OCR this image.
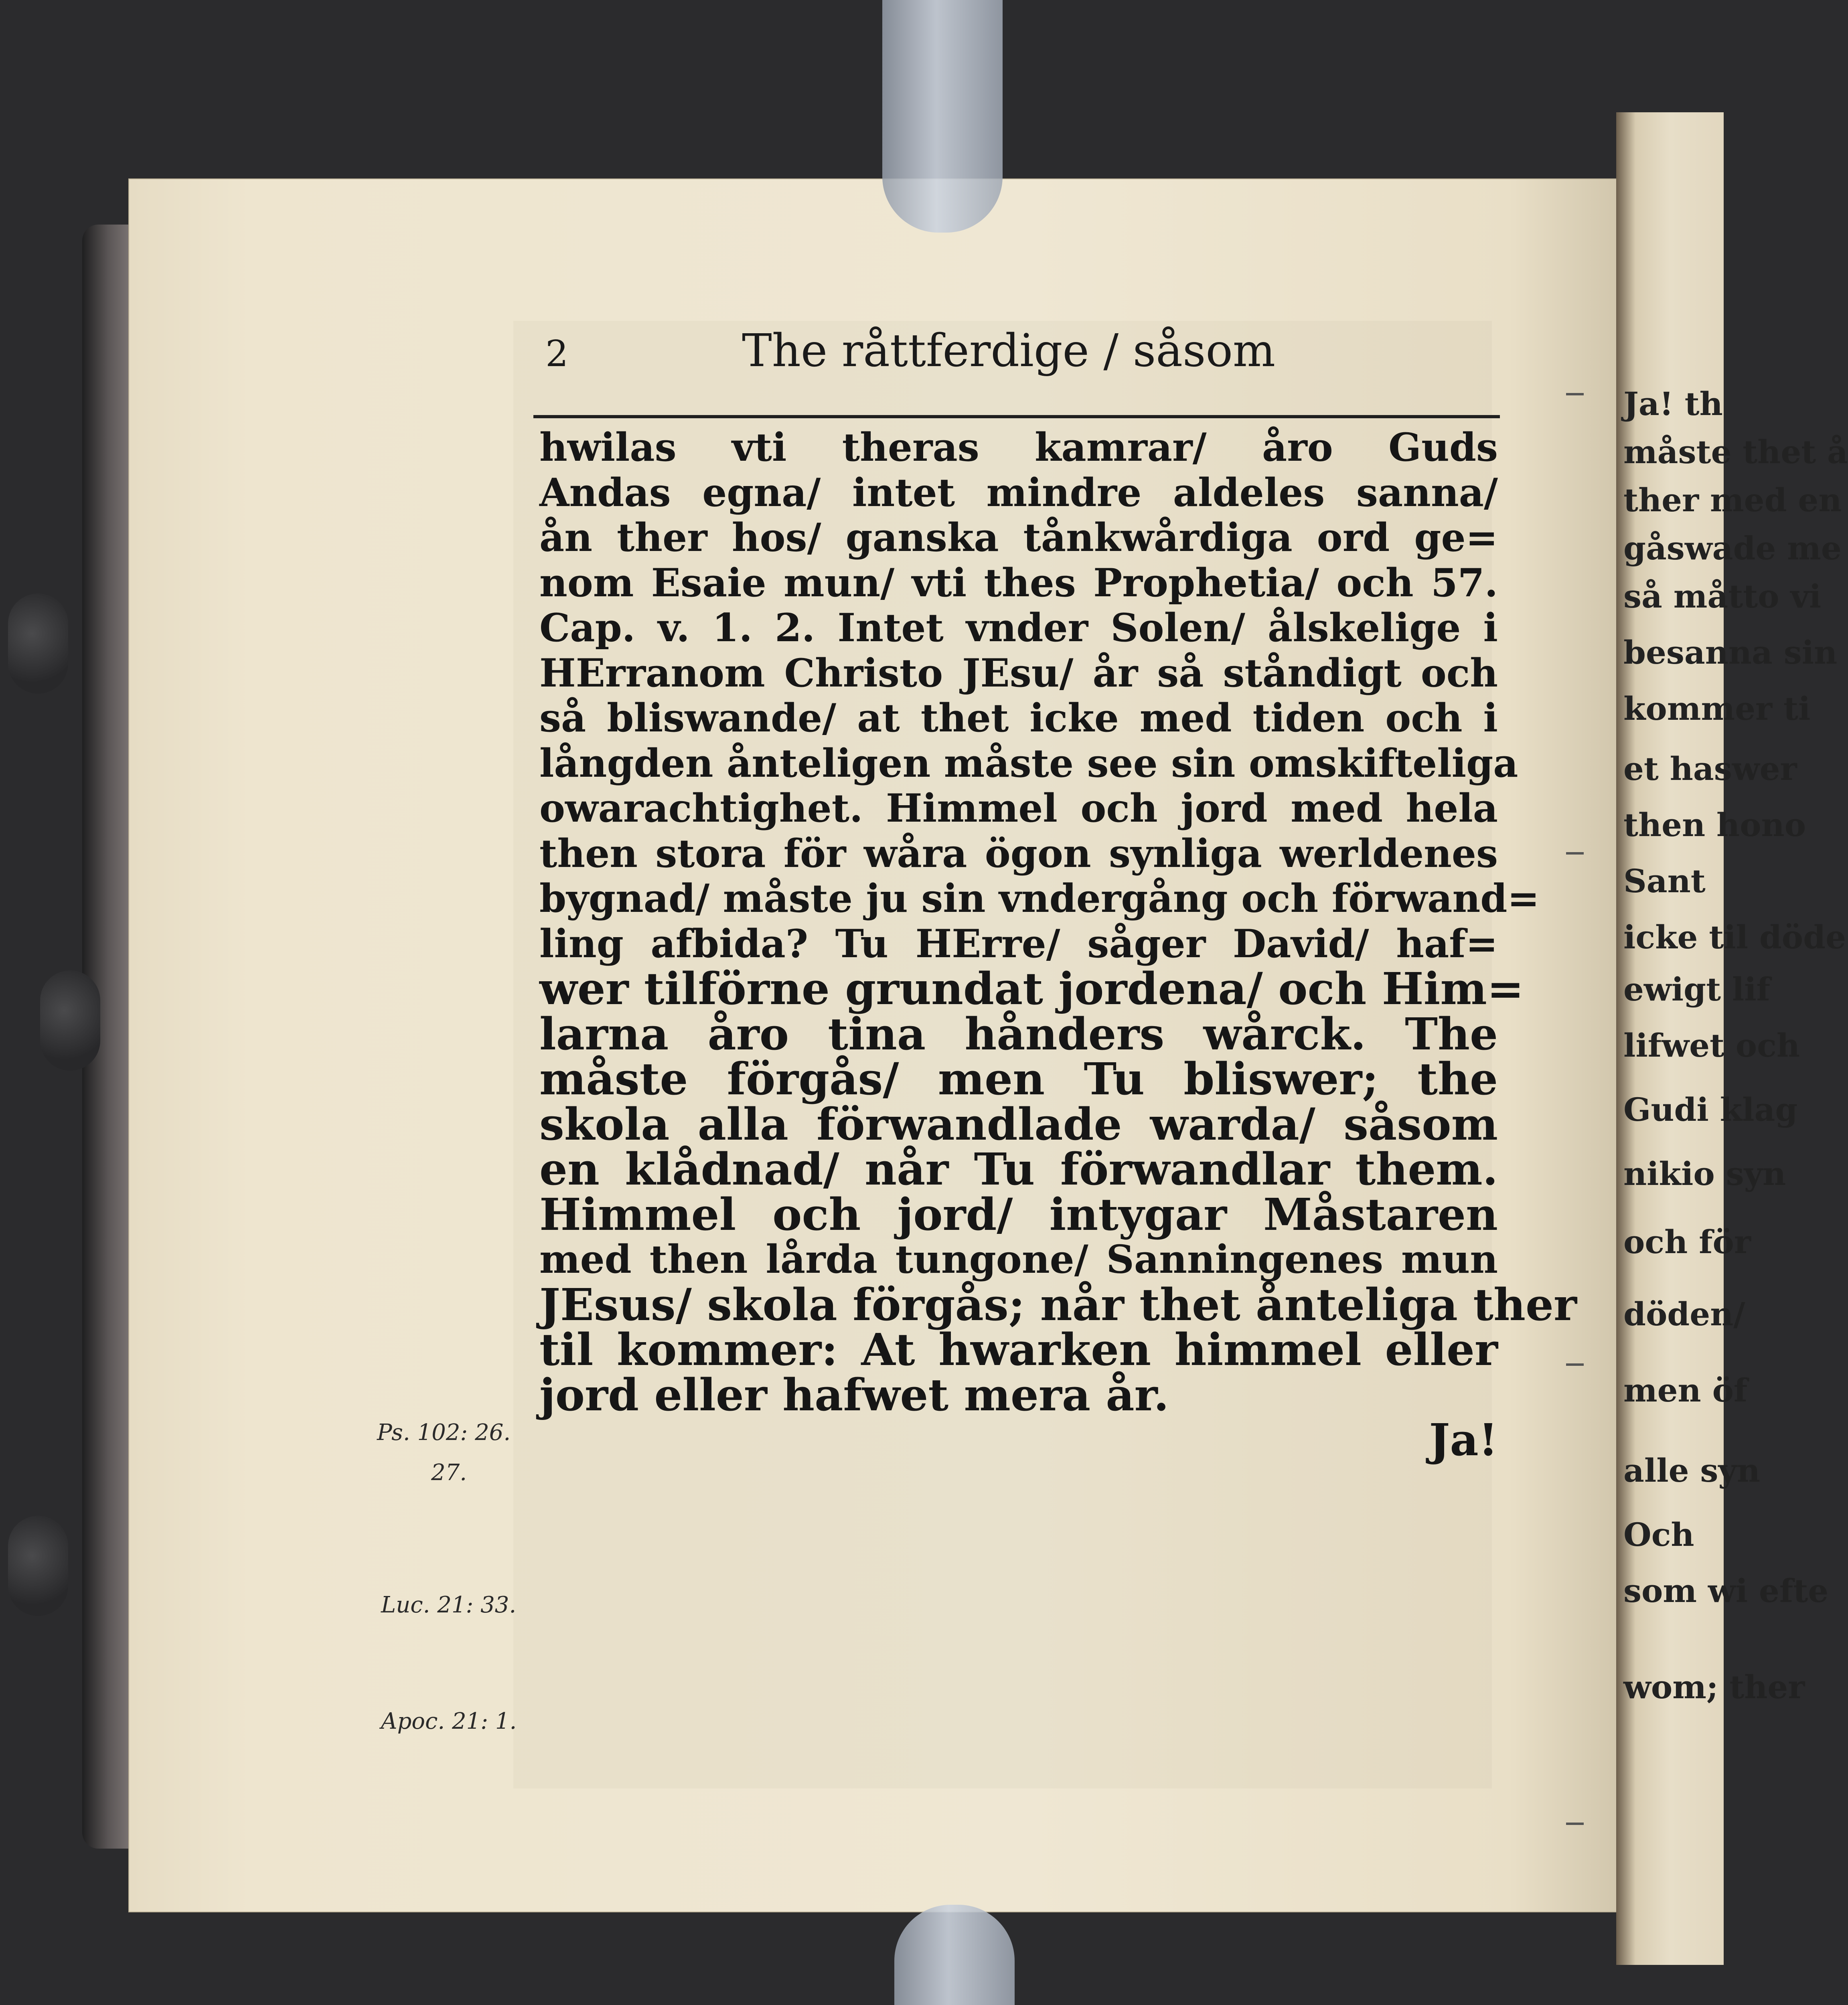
2	The råttferdige / såsom
hwilas vti theras kamrar/ åro Guds
Andas egna/ intet mindre aldeles sanna/
ån ther hos/ ganska tånkwårdiga ord ge=
nom Esaie mun/ vti thes Prophetia/ och 57.
Cap. v. 1. 2. Intet vnder Solen/ ålskelige i
HErranom Christo JEsu/ år så ståndigt och
så bliswande/ at thet icke med tiden och i
långden ånteligen måste see sin omskifteliga
owarachtighet. Himmel och jord med hela
then stora för wåra ögon synliga werldenes
bygnad/ måste ju sin vndergång och förwand=
ling afbida? Tu HErre/ såger David/ haf=
wer tilförne grundat jordena/ och Him=
larna åro tina hånders wårck. The
måste förgås/ men Tu bliswer; the
skola alla förwandlade warda/ såsom
en klådnad/ når Tu förwandlar them.
Himmel och jord/ intygar Måstaren
med then lårda tungone/ Sanningenes mun
JEsus/ skola förgås; når thet ånteliga ther
til kommer: At hwarken himmel eller
jord eller hafwet mera år.
Ja!
Ps. 102: 26.
27.
Luc. 21: 33.
Apoc. 21: 1.
Ja! th
måste thet å
ther med en
gåswade me
så måtto vi
besanna sin
kommer ti
et haswer
then hono
Sant
icke til döde
ewigt lif
lifwet och
Gudi klag
nikio syn
och för
döden/
men öf
alle syn
Och
som wi efte
wom; ther
